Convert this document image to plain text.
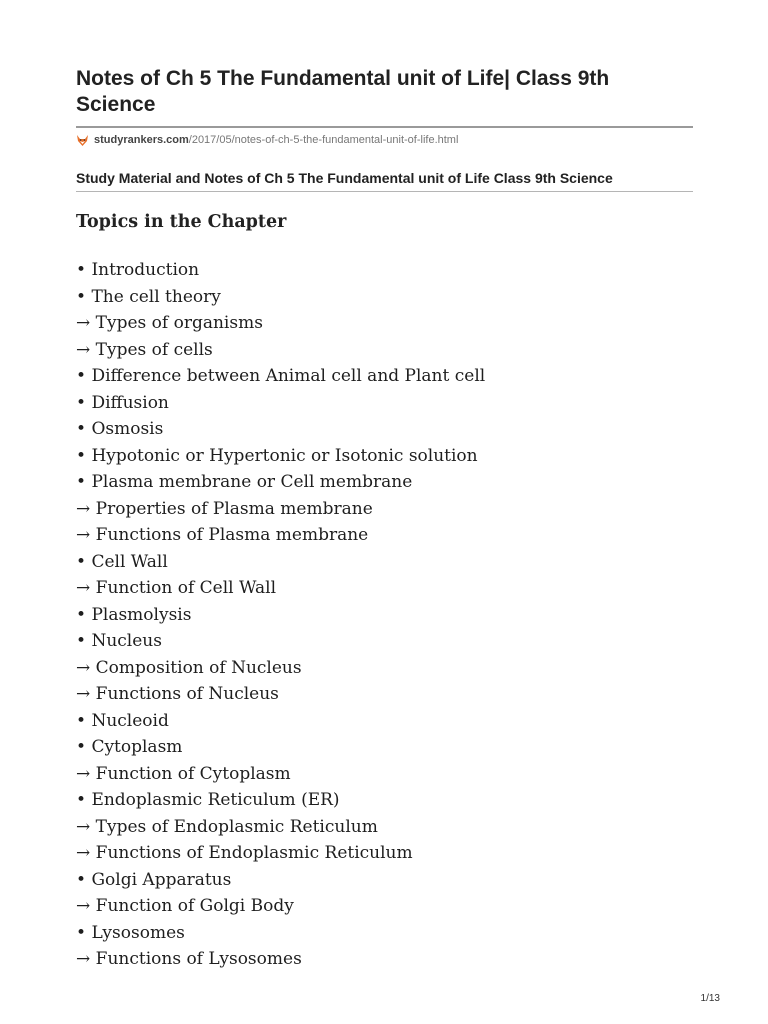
Notes of Ch 5 The Fundamental unit of Life| Class 9th Science
studyrankers.com /2017/05/notes-of-ch-5-the-fundamental-unit-of-life.html
Study Material and Notes of Ch 5 The Fundamental unit of Life Class 9th Science
Topics in the Chapter
• Introduction
• The cell theory
→ Types of organisms
→ Types of cells
• Difference between Animal cell and Plant cell
• Diffusion
• Osmosis
• Hypotonic or Hypertonic or Isotonic solution
• Plasma membrane or Cell membrane
→ Properties of Plasma membrane
→ Functions of Plasma membrane
• Cell Wall
→ Function of Cell Wall
• Plasmolysis
• Nucleus
→ Composition of Nucleus
→ Functions of Nucleus
• Nucleoid
• Cytoplasm
→ Function of Cytoplasm
• Endoplasmic Reticulum (ER)
→ Types of Endoplasmic Reticulum
→ Functions of Endoplasmic Reticulum
• Golgi Apparatus
→ Function of Golgi Body
• Lysosomes
→ Functions of Lysosomes
1/13
